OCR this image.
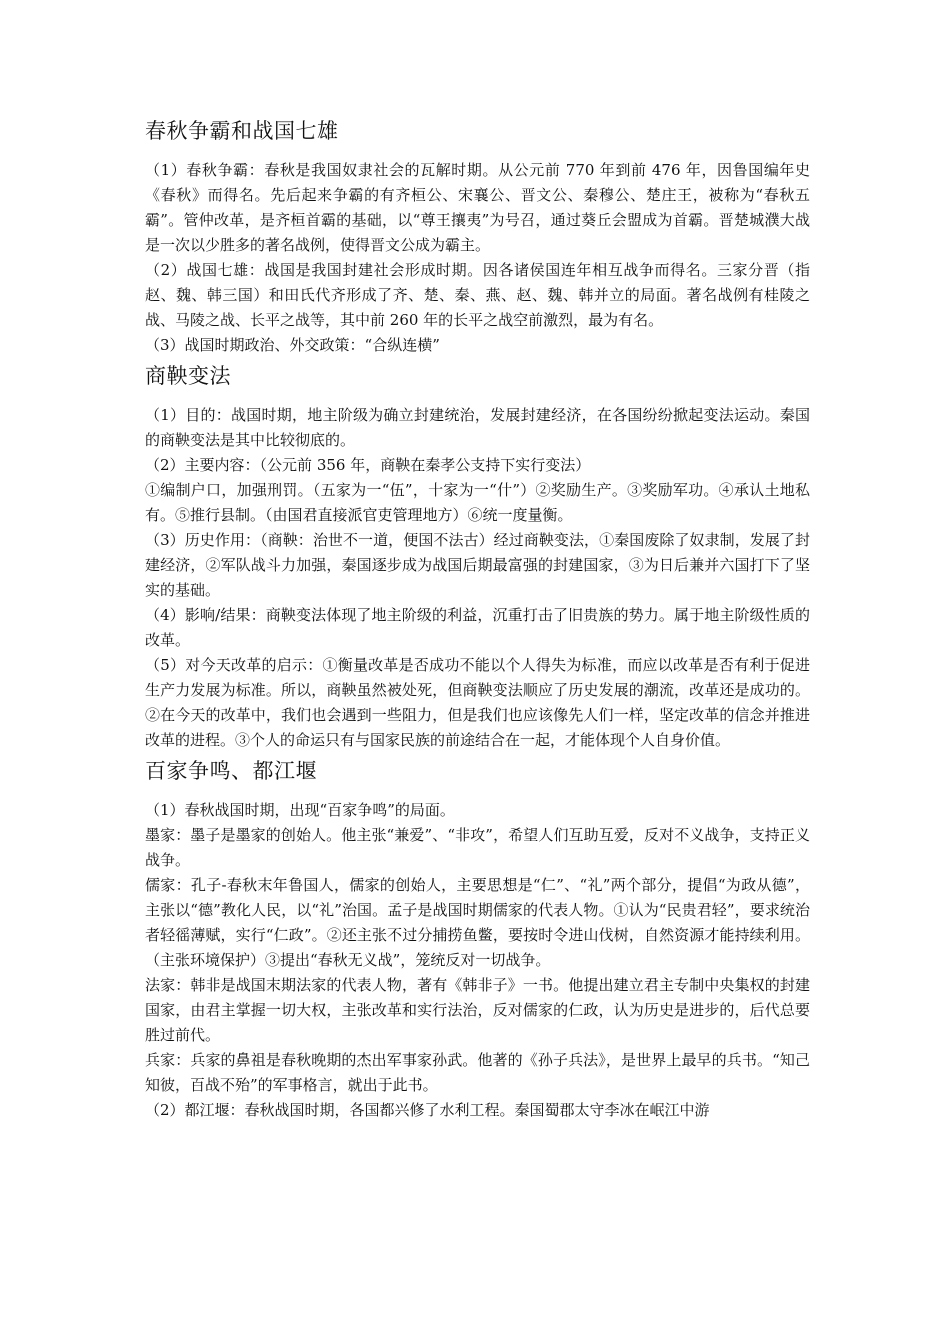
春秋争霸和战国七雄

（1）春秋争霸：春秋是我国奴隶社会的瓦解时期。从公元前 770 年到前 476 年，因鲁国编年史《春秋》而得名。先后起来争霸的有齐桓公、宋襄公、晋文公、秦穆公、楚庄王，被称为“春秋五霸”。管仲改革，是齐桓首霸的基础，以“尊王攘夷”为号召，通过葵丘会盟成为首霸。晋楚城濮大战是一次以少胜多的著名战例，使得晋文公成为霸主。

（2）战国七雄：战国是我国封建社会形成时期。因各诸侯国连年相互战争而得名。三家分晋（指赵、魏、韩三国）和田氏代齐形成了齐、楚、秦、燕、赵、魏、韩并立的局面。著名战例有桂陵之战、马陵之战、长平之战等，其中前 260 年的长平之战空前激烈，最为有名。

（3）战国时期政治、外交政策：“合纵连横”

商鞅变法

（1）目的：战国时期，地主阶级为确立封建统治，发展封建经济，在各国纷纷掀起变法运动。秦国的商鞅变法是其中比较彻底的。

（2）主要内容：（公元前 356 年，商鞅在秦孝公支持下实行变法）

①编制户口，加强刑罚。（五家为一“伍”，十家为一“什”）②奖励生产。③奖励军功。④承认土地私有。⑤推行县制。（由国君直接派官吏管理地方）⑥统一度量衡。

（3）历史作用：（商鞅：治世不一道，便国不法古）经过商鞅变法，①秦国废除了奴隶制，发展了封建经济，②军队战斗力加强，秦国逐步成为战国后期最富强的封建国家，③为日后兼并六国打下了坚实的基础。

（4）影响/结果：商鞅变法体现了地主阶级的利益，沉重打击了旧贵族的势力。属于地主阶级性质的改革。

（5）对今天改革的启示：①衡量改革是否成功不能以个人得失为标准，而应以改革是否有利于促进生产力发展为标准。所以，商鞅虽然被处死，但商鞅变法顺应了历史发展的潮流，改革还是成功的。②在今天的改革中，我们也会遇到一些阻力，但是我们也应该像先人们一样，坚定改革的信念并推进改革的进程。③个人的命运只有与国家民族的前途结合在一起，才能体现个人自身价值。

百家争鸣、都江堰

（1）春秋战国时期，出现“百家争鸣”的局面。

墨家：墨子是墨家的创始人。他主张“兼爱”、“非攻”，希望人们互助互爱，反对不义战争，支持正义战争。

儒家：孔子-春秋末年鲁国人，儒家的创始人，主要思想是“仁”、“礼”两个部分，提倡“为政从德”，主张以“德”教化人民，以“礼”治国。孟子是战国时期儒家的代表人物。①认为“民贵君轻”，要求统治者轻徭薄赋，实行“仁政”。②还主张不过分捕捞鱼鳖，要按时令进山伐树，自然资源才能持续利用。（主张环境保护）③提出“春秋无义战”，笼统反对一切战争。

法家：韩非是战国末期法家的代表人物，著有《韩非子》一书。他提出建立君主专制中央集权的封建国家，由君主掌握一切大权，主张改革和实行法治，反对儒家的仁政，认为历史是进步的，后代总要胜过前代。

兵家：兵家的鼻祖是春秋晚期的杰出军事家孙武。他著的《孙子兵法》，是世界上最早的兵书。“知己知彼，百战不殆”的军事格言，就出于此书。

（2）都江堰：春秋战国时期，各国都兴修了水利工程。秦国蜀郡太守李冰在岷江中游
